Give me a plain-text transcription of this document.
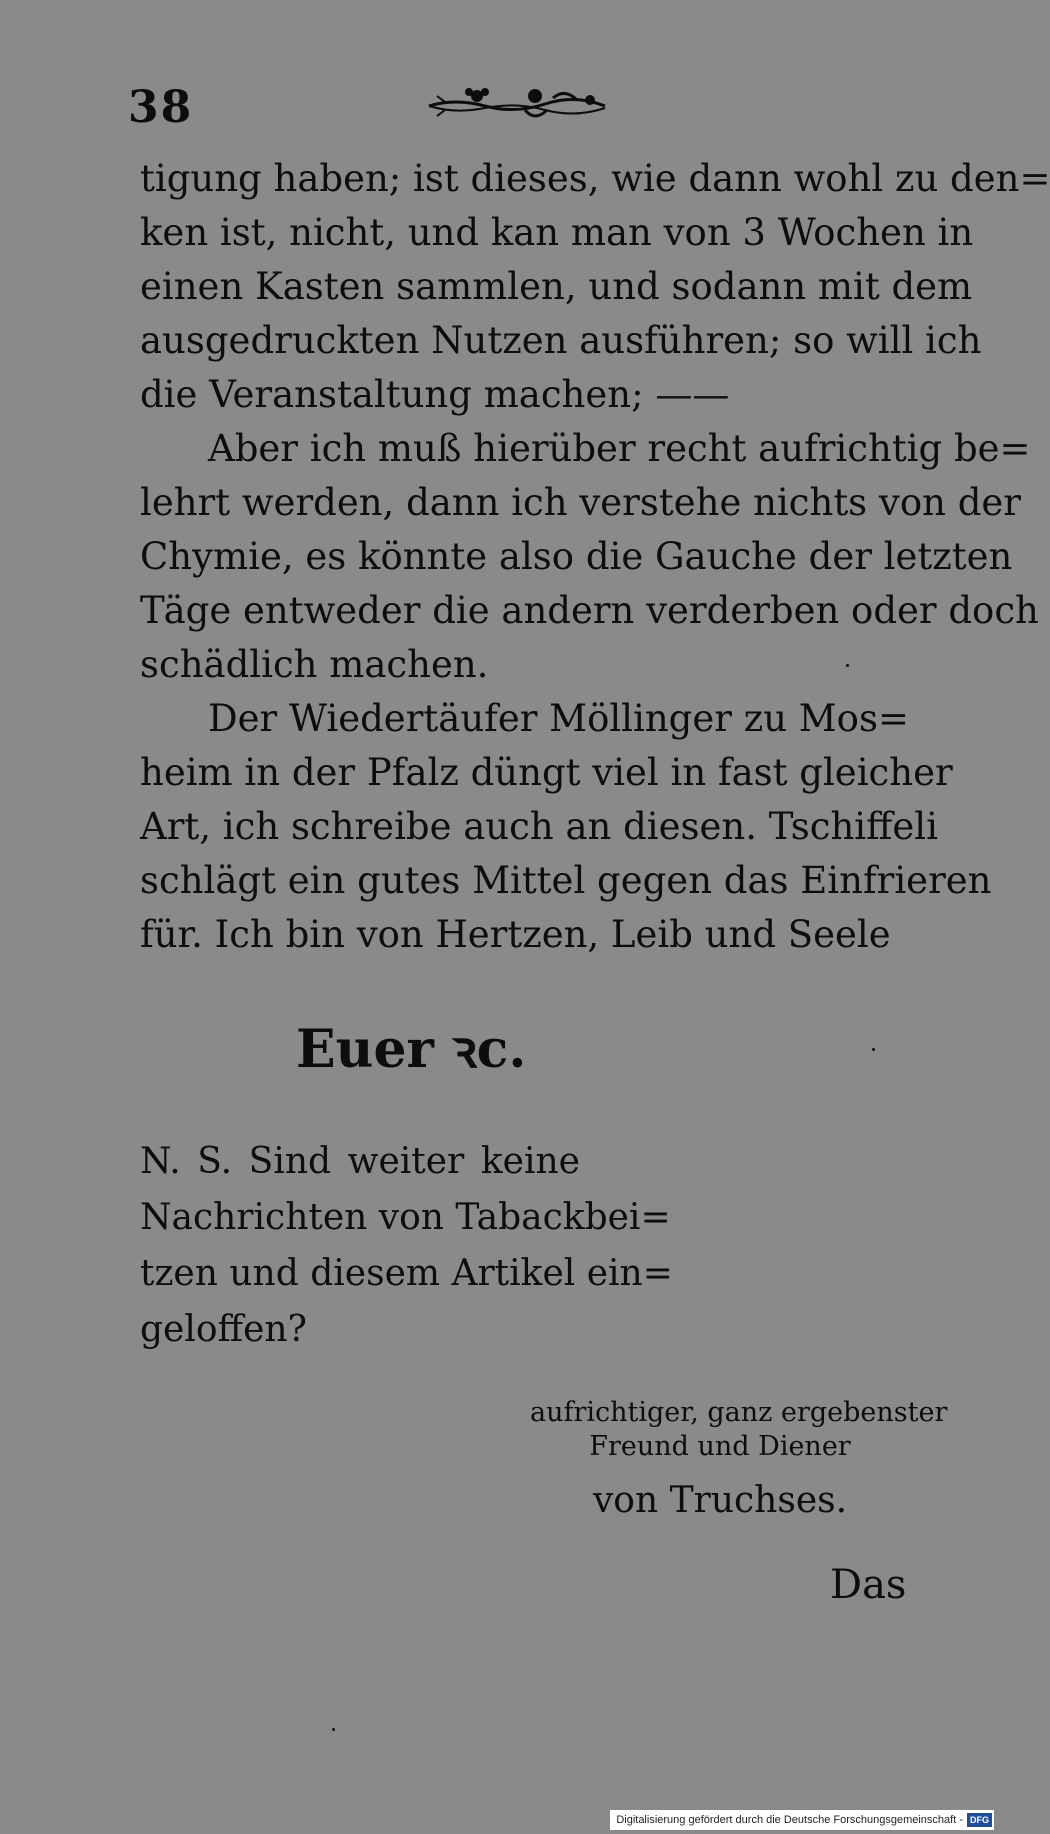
38
tigung haben; ist dieses, wie dann wohl zu den=
ken ist, nicht, und kan man von 3 Wochen in
einen Kasten sammlen, und sodann mit dem
ausgedruckten Nutzen ausführen; so will ich
die Veranstaltung machen; ——
Aber ich muß hierüber recht aufrichtig be=
lehrt werden, dann ich verstehe nichts von der
Chymie, es könnte also die Gauche der letzten
Täge entweder die andern verderben oder doch
schädlich machen.
Der Wiedertäufer Möllinger zu Mos=
heim in der Pfalz düngt viel in fast gleicher
Art, ich schreibe auch an diesen. Tschiffeli
schlägt ein gutes Mittel gegen das Einfrieren
für. Ich bin von Hertzen, Leib und Seele
Euer ꝛc.
N. S. Sind weiter keine
Nachrichten von Tabackbei=
tzen und diesem Artikel ein=
geloffen?
aufrichtiger, ganz ergebenster
Freund und Diener
von Truchses.
Das
Digitalisierung gefördert durch die Deutsche Forschungsgemeinschaft - DFG
